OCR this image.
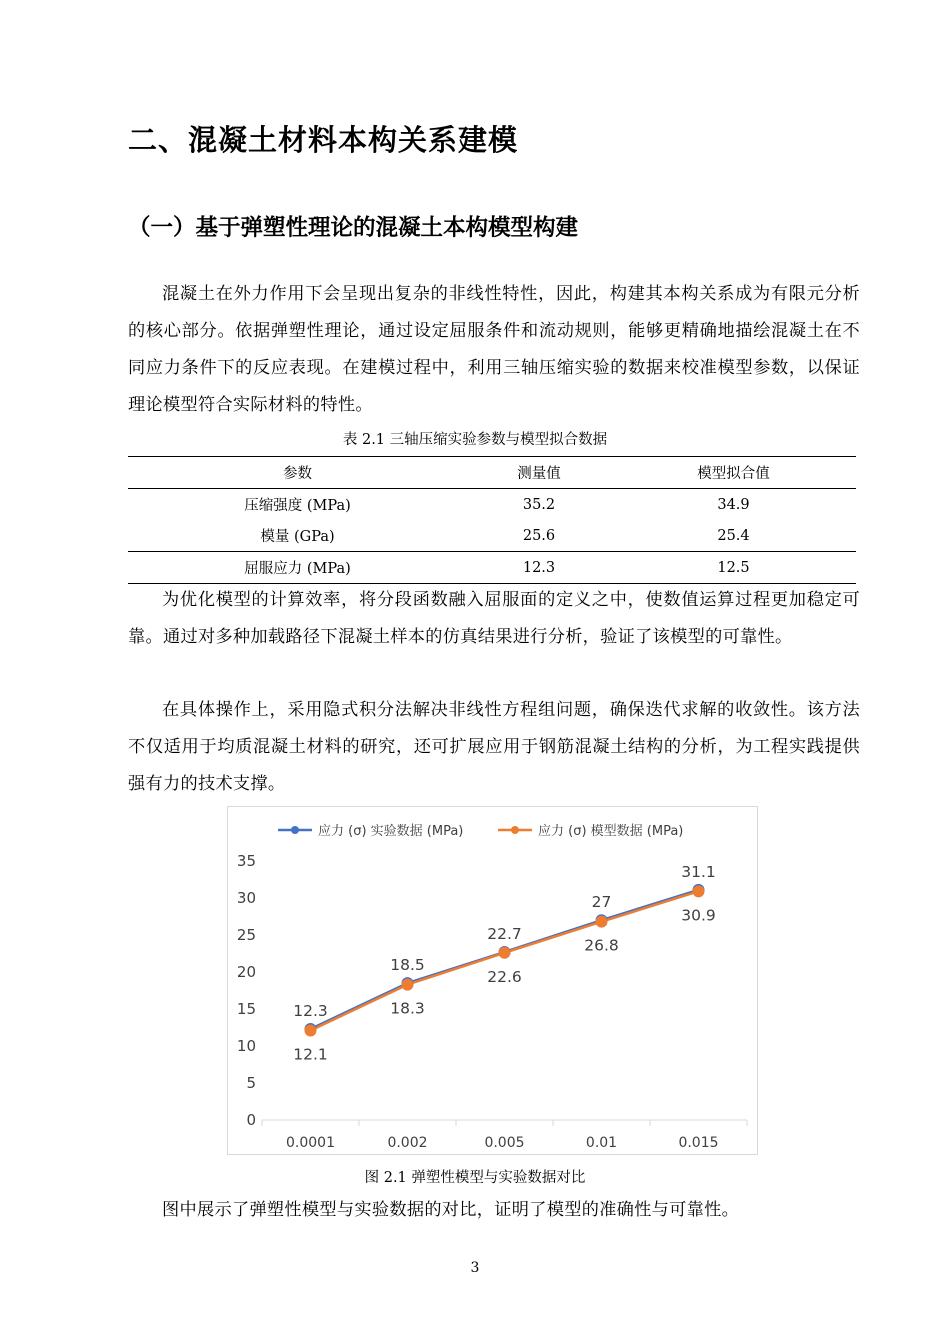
二、混凝土材料本构关系建模
（一）基于弹塑性理论的混凝土本构模型构建

混凝土在外力作用下会呈现出复杂的非线性特性，因此，构建其本构关系成为有限元分析的核心部分。依据弹塑性理论，通过设定屈服条件和流动规则，能够更精确地描绘混凝土在不同应力条件下的反应表现。在建模过程中，利用三轴压缩实验的数据来校准模型参数，以保证理论模型符合实际材料的特性。

表 2.1 三轴压缩实验参数与模型拟合数据
参数	测量值	模型拟合值
压缩强度 (MPa)	35.2	34.9
模量 (GPa)	25.6	25.4
屈服应力 (MPa)	12.3	12.5

为优化模型的计算效率，将分段函数融入屈服面的定义之中，使数值运算过程更加稳定可靠。通过对多种加载路径下混凝土样本的仿真结果进行分析，验证了该模型的可靠性。

在具体操作上，采用隐式积分法解决非线性方程组问题，确保迭代求解的收敛性。该方法不仅适用于均质混凝土材料的研究，还可扩展应用于钢筋混凝土结构的分析，为工程实践提供强有力的技术支撑。

0
5
10
15
20
25
30
35
0.0001	0.002	0.005	0.01	0.015
应力 (σ) 实验数据 (MPa)	应力 (σ) 模型数据 (MPa)
12.3
18.5
22.7
27
31.1
12.1
18.3
22.6
26.8
30.9
图 2.1 弹塑性模型与实验数据对比

图中展示了弹塑性模型与实验数据的对比，证明了模型的准确性与可靠性。

3
